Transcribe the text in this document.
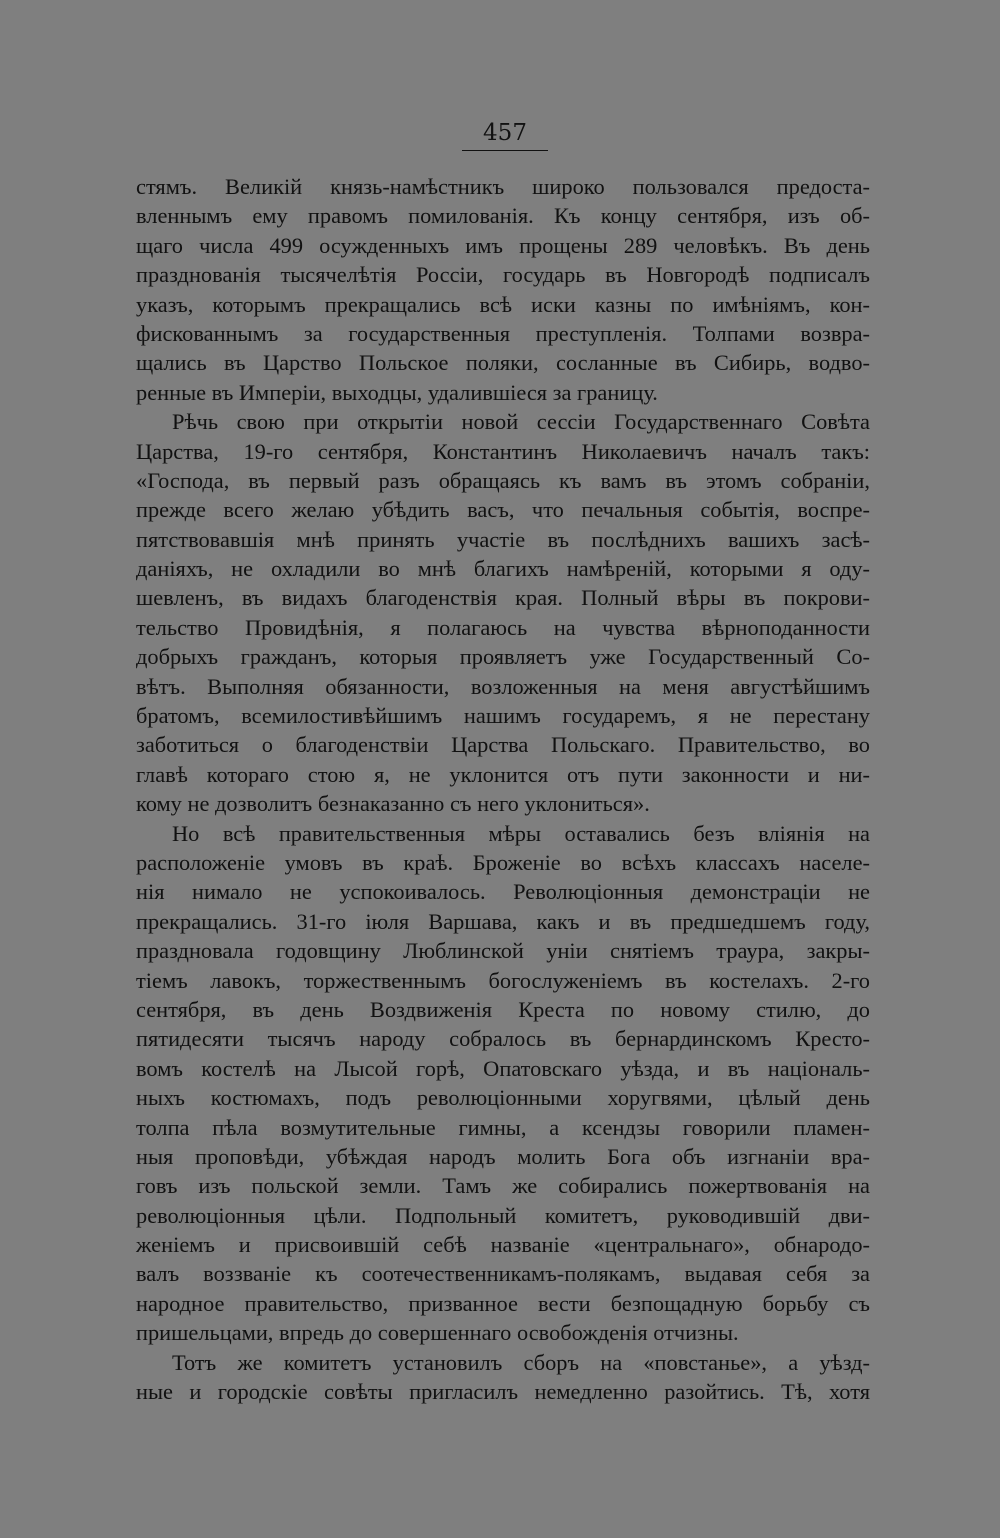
457
стямъ. Великій князь-намѣстникъ широко пользовался предоста-
вленнымъ ему правомъ помилованія. Къ концу сентября, изъ об-
щаго числа 499 осужденныхъ имъ прощены 289 человѣкъ. Въ день
празднованія тысячелѣтія Россіи, государь въ Новгородѣ подписалъ
указъ, которымъ прекращались всѣ иски казны по имѣніямъ, кон-
фискованнымъ за государственныя преступленія. Толпами возвра-
щались въ Царство Польское поляки, сосланные въ Сибирь, водво-
ренные въ Имперіи, выходцы, удалившіеся за границу.
Рѣчь свою при открытіи новой сессіи Государственнаго Совѣта
Царства, 19-го сентября, Константинъ Николаевичъ началъ такъ:
«Господа, въ первый разъ обращаясь къ вамъ въ этомъ собраніи,
прежде всего желаю убѣдить васъ, что печальныя событія, воспре-
пятствовавшія мнѣ принять участіе въ послѣднихъ вашихъ засѣ-
даніяхъ, не охладили во мнѣ благихъ намѣреній, которыми я оду-
шевленъ, въ видахъ благоденствія края. Полный вѣры въ покрови-
тельство Провидѣнія, я полагаюсь на чувства вѣрноподанности
добрыхъ гражданъ, которыя проявляетъ уже Государственный Со-
вѣтъ. Выполняя обязанности, возложенныя на меня августѣйшимъ
братомъ, всемилостивѣйшимъ нашимъ государемъ, я не перестану
заботиться о благоденствіи Царства Польскаго. Правительство, во
главѣ котораго стою я, не уклонится отъ пути законности и ни-
кому не дозволитъ безнаказанно съ него уклониться».
Но всѣ правительственныя мѣры оставались безъ вліянія на
расположеніе умовъ въ краѣ. Броженіе во всѣхъ классахъ населе-
нія нимало не успокоивалось. Революціонныя демонстраціи не
прекращались. 31-го іюля Варшава, какъ и въ предшедшемъ году,
праздновала годовщину Люблинской уніи снятіемъ траура, закры-
тіемъ лавокъ, торжественнымъ богослуженіемъ въ костелахъ. 2-го
сентября, въ день Воздвиженія Креста по новому стилю, до
пятидесяти тысячъ народу собралось въ бернардинскомъ Кресто-
вомъ костелѣ на Лысой горѣ, Опатовскаго уѣзда, и въ національ-
ныхъ костюмахъ, подъ революціонными хоругвями, цѣлый день
толпа пѣла возмутительные гимны, а ксендзы говорили пламен-
ныя проповѣди, убѣждая народъ молить Бога объ изгнаніи вра-
говъ изъ польской земли. Тамъ же собирались пожертвованія на
революціонныя цѣли. Подпольный комитетъ, руководившій дви-
женіемъ и присвоившій себѣ названіе «центральнаго», обнародо-
валъ воззваніе къ соотечественникамъ-полякамъ, выдавая себя за
народное правительство, призванное вести безпощадную борьбу съ
пришельцами, впредь до совершеннаго освобожденія отчизны.
Тотъ же комитетъ установилъ сборъ на «повстанье», а уѣзд-
ные и городскіе совѣты пригласилъ немедленно разойтись. Тѣ, хотя
